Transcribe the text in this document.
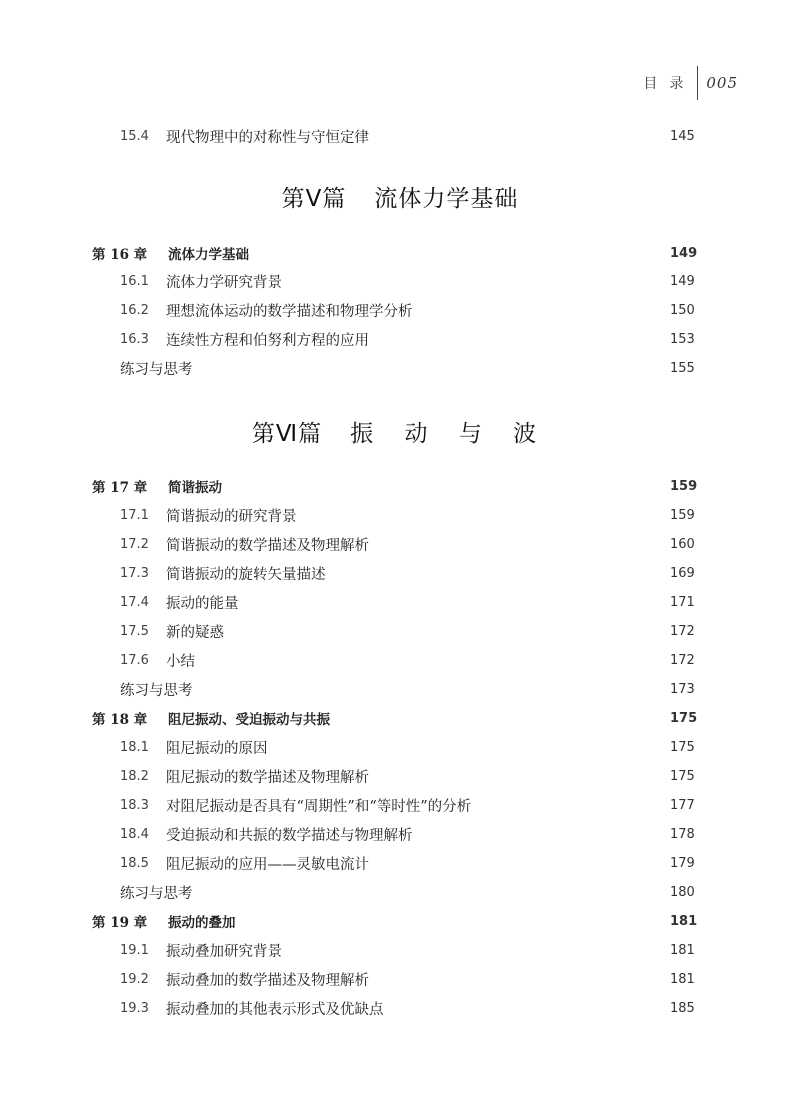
目录 005
15.4 现代物理中的对称性与守恒定律	145
第Ⅴ篇 流体力学基础
第 16 章 流体力学基础	149
16.1 流体力学研究背景	149
16.2 理想流体运动的数学描述和物理学分析	150
16.3 连续性方程和伯努利方程的应用	153
练习与思考	155
第Ⅵ篇 振 动 与 波
第 17 章 简谐振动	159
17.1 简谐振动的研究背景	159
17.2 简谐振动的数学描述及物理解析	160
17.3 简谐振动的旋转矢量描述	169
17.4 振动的能量	171
17.5 新的疑惑	172
17.6 小结	172
练习与思考	173
第 18 章 阻尼振动、受迫振动与共振	175
18.1 阻尼振动的原因	175
18.2 阻尼振动的数学描述及物理解析	175
18.3 对阻尼振动是否具有“周期性”和“等时性”的分析	177
18.4 受迫振动和共振的数学描述与物理解析	178
18.5 阻尼振动的应用——灵敏电流计	179
练习与思考	180
第 19 章 振动的叠加	181
19.1 振动叠加研究背景	181
19.2 振动叠加的数学描述及物理解析	181
19.3 振动叠加的其他表示形式及优缺点	185
